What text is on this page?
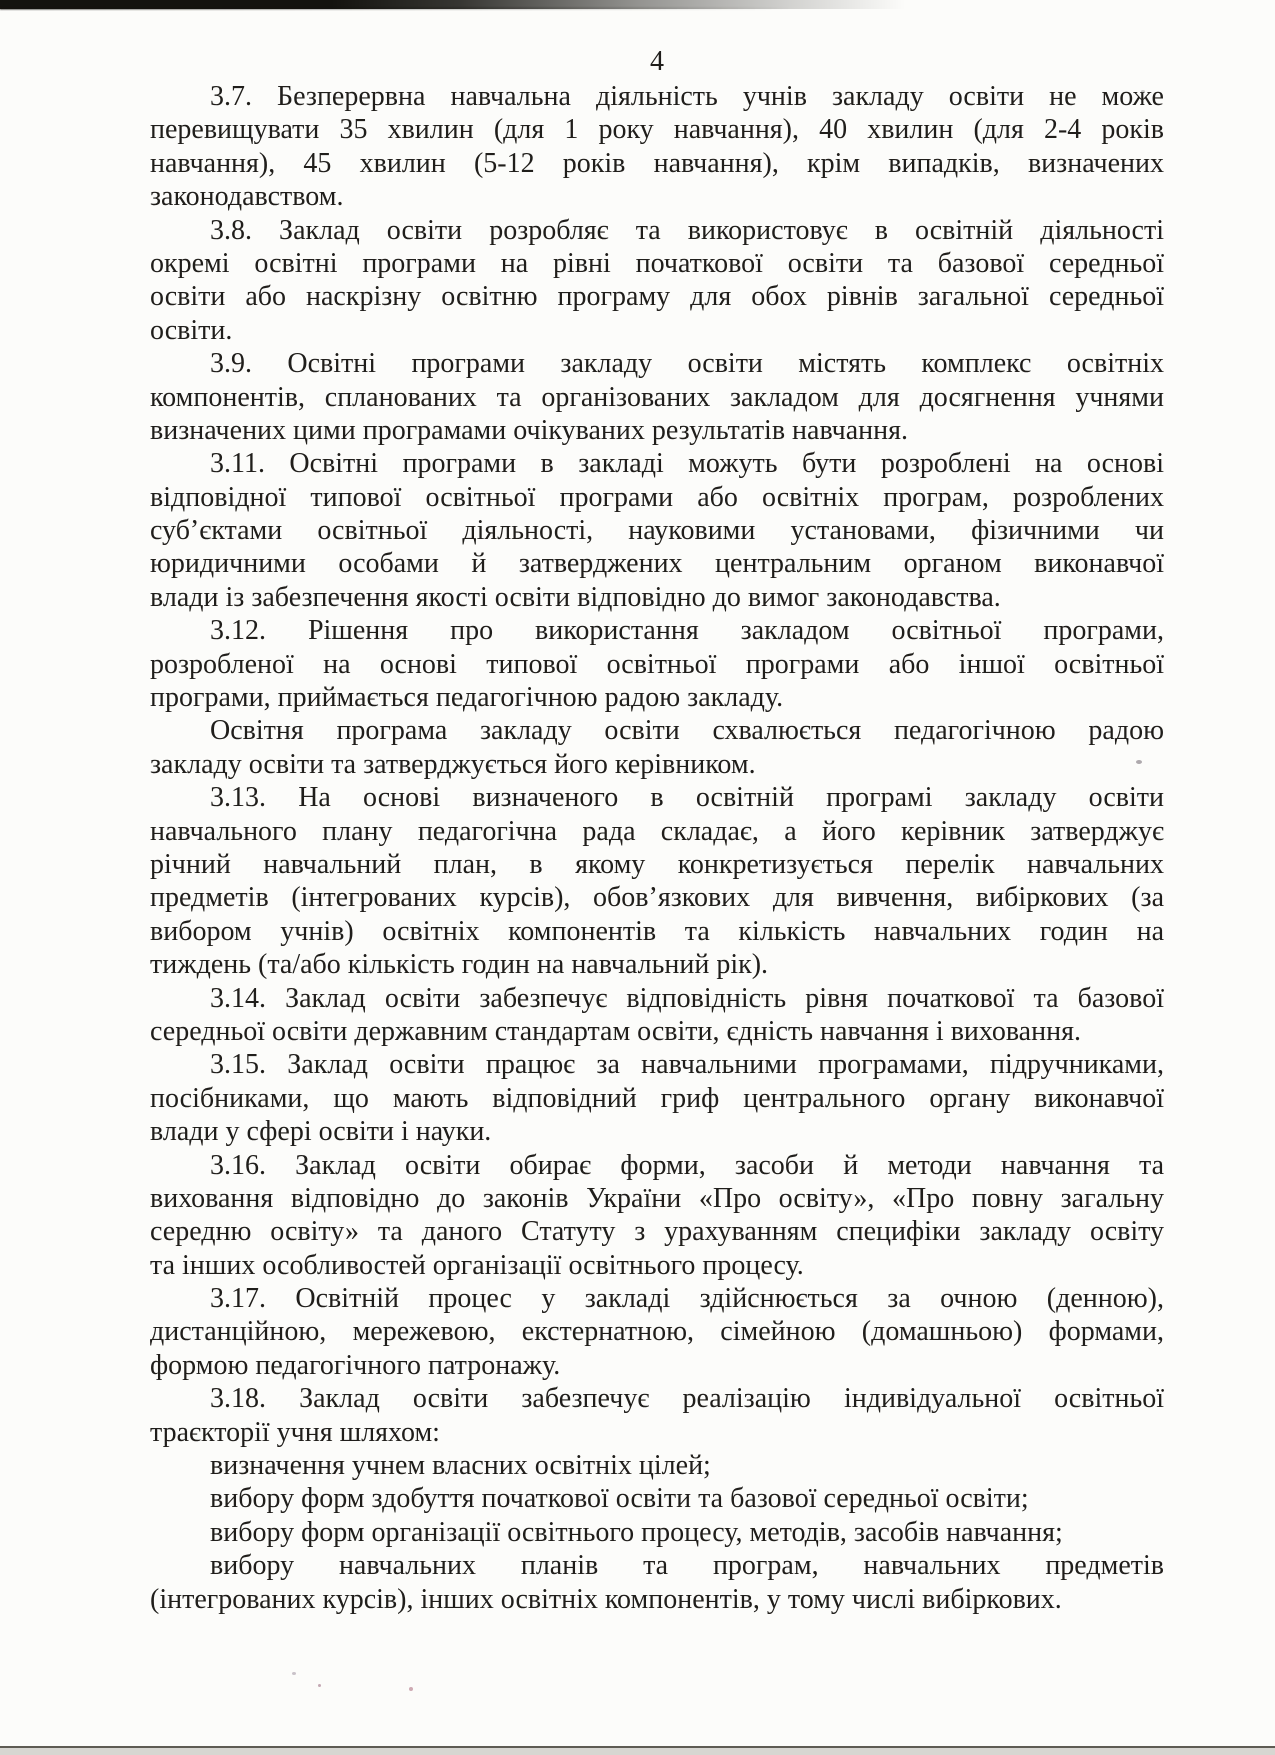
4

3.7. Безперервна навчальна діяльність учнів закладу освіти не може
перевищувати 35 хвилин (для 1 року навчання), 40 хвилин (для 2-4 років
навчання), 45 хвилин (5-12 років навчання), крім випадків, визначених
законодавством.

3.8. Заклад освіти розробляє та використовує в освітній діяльності
окремі освітні програми на рівні початкової освіти та базової середньої
освіти або наскрізну освітню програму для обох рівнів загальної середньої
освіти.

3.9. Освітні програми закладу освіти містять комплекс освітніх
компонентів, спланованих та організованих закладом для досягнення учнями
визначених цими програмами очікуваних результатів навчання.

3.11. Освітні програми в закладі можуть бути розроблені на основі
відповідної типової освітньої програми або освітніх програм, розроблених
суб’єктами освітньої діяльності, науковими установами, фізичними чи
юридичними особами й затверджених центральним органом виконавчої
влади із забезпечення якості освіти відповідно до вимог законодавства.

3.12. Рішення про використання закладом освітньої програми,
розробленої на основі типової освітньої програми або іншої освітньої
програми, приймається педагогічною радою закладу.

Освітня програма закладу освіти схвалюється педагогічною радою
закладу освіти та затверджується його керівником.

3.13. На основі визначеного в освітній програмі закладу освіти
навчального плану педагогічна рада складає, а його керівник затверджує
річний навчальний план, в якому конкретизується перелік навчальних
предметів (інтегрованих курсів), обов’язкових для вивчення, вибіркових (за
вибором учнів) освітніх компонентів та кількість навчальних годин на
тиждень (та/або кількість годин на навчальний рік).

3.14. Заклад освіти забезпечує відповідність рівня початкової та базової
середньої освіти державним стандартам освіти, єдність навчання і виховання.

3.15. Заклад освіти працює за навчальними програмами, підручниками,
посібниками, що мають відповідний гриф центрального органу виконавчої
влади у сфері освіти і науки.

3.16. Заклад освіти обирає форми, засоби й методи навчання та
виховання відповідно до законів України «Про освіту», «Про повну загальну
середню освіту» та даного Статуту з урахуванням специфіки закладу освіту
та інших особливостей організації освітнього процесу.

3.17. Освітній процес у закладі здійснюється за очною (денною),
дистанційною, мережевою, екстернатною, сімейною (домашньою) формами,
формою педагогічного патронажу.

3.18. Заклад освіти забезпечує реалізацію індивідуальної освітньої
траєкторії учня шляхом:

визначення учнем власних освітніх цілей;

вибору форм здобуття початкової освіти та базової середньої освіти;

вибору форм організації освітнього процесу, методів, засобів навчання;

вибору навчальних планів та програм, навчальних предметів
(інтегрованих курсів), інших освітніх компонентів, у тому числі вибіркових.
